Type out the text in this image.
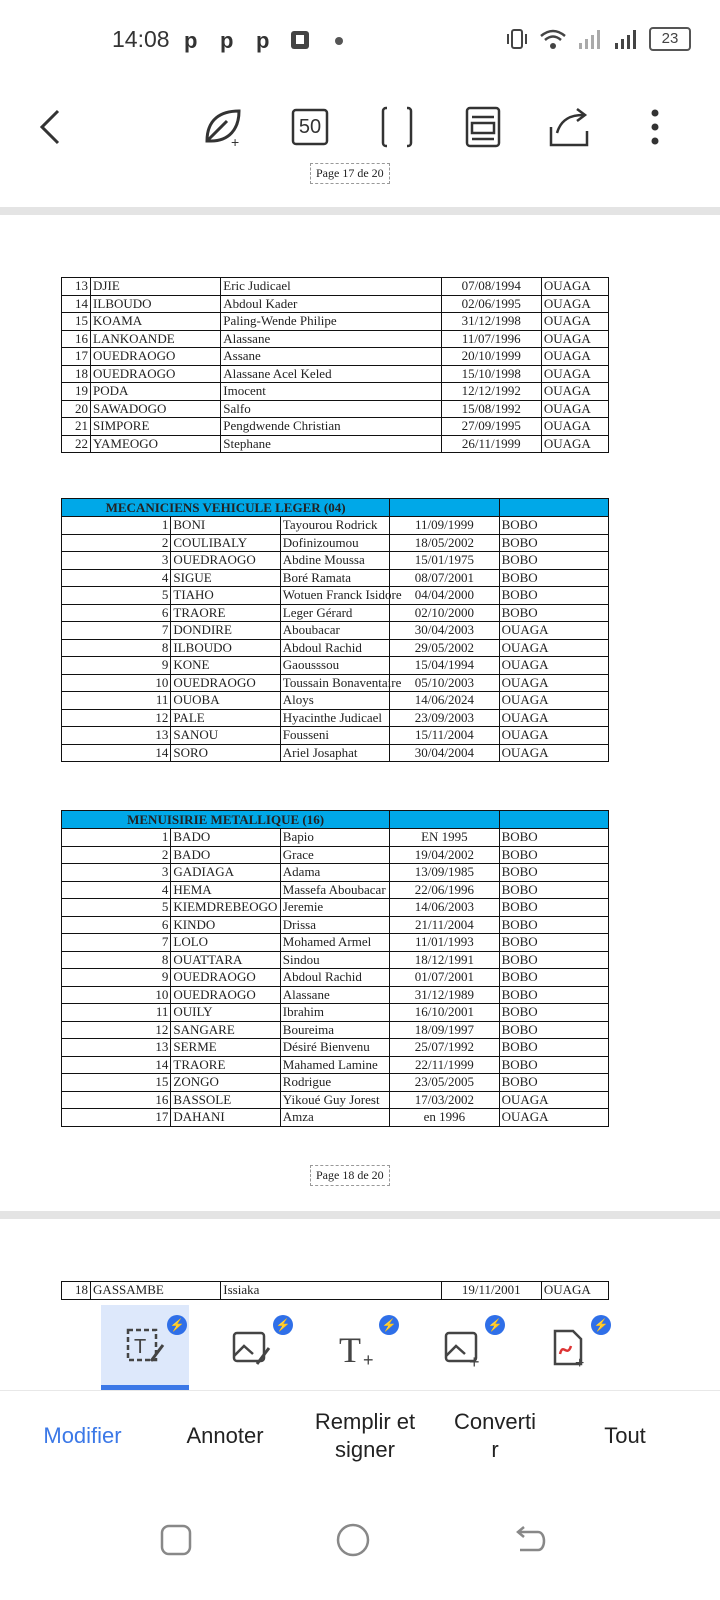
14:08 p p p	23
+
50
Page 17 de 20
13	DJIE	Eric Judicael	07/08/1994	OUAGA
14	ILBOUDO	Abdoul Kader	02/06/1995	OUAGA
15	KOAMA	Paling-Wende Philipe	31/12/1998	OUAGA
16	LANKOANDE	Alassane	11/07/1996	OUAGA
17	OUEDRAOGO	Assane	20/10/1999	OUAGA
18	OUEDRAOGO	Alassane Acel Keled	15/10/1998	OUAGA
19	PODA	Imocent	12/12/1992	OUAGA
20	SAWADOGO	Salfo	15/08/1992	OUAGA
21	SIMPORE	Pengdwende Christian	27/09/1995	OUAGA
22	YAMEOGO	Stephane	26/11/1999	OUAGA
MECANICIENS VEHICULE LEGER (04)				
1	BONI	Tayourou Rodrick	11/09/1999	BOBO
2	COULIBALY	Dofinizoumou	18/05/2002	BOBO
3	OUEDRAOGO	Abdine Moussa	15/01/1975	BOBO
4	SIGUE	Boré Ramata	08/07/2001	BOBO
5	TIAHO	Wotuen Franck Isidore	04/04/2000	BOBO
6	TRAORE	Leger Gérard	02/10/2000	BOBO
7	DONDIRE	Aboubacar	30/04/2003	OUAGA
8	ILBOUDO	Abdoul Rachid	29/05/2002	OUAGA
9	KONE	Gaousssou	15/04/1994	OUAGA
10	OUEDRAOGO	Toussain Bonaventaire	05/10/2003	OUAGA
11	OUOBA	Aloys	14/06/2024	OUAGA
12	PALE	Hyacinthe Judicael	23/09/2003	OUAGA
13	SANOU	Fousseni	15/11/2004	OUAGA
14	SORO	Ariel Josaphat	30/04/2004	OUAGA
MENUISIRIE METALLIQUE (16)				
1	BADO	Bapio	EN 1995	BOBO
2	BADO	Grace	19/04/2002	BOBO
3	GADIAGA	Adama	13/09/1985	BOBO
4	HEMA	Massefa Aboubacar	22/06/1996	BOBO
5	KIEMDREBEOGO	Jeremie	14/06/2003	BOBO
6	KINDO	Drissa	21/11/2004	BOBO
7	LOLO	Mohamed Armel	11/01/1993	BOBO
8	OUATTARA	Sindou	18/12/1991	BOBO
9	OUEDRAOGO	Abdoul Rachid	01/07/2001	BOBO
10	OUEDRAOGO	Alassane	31/12/1989	BOBO
11	OUILY	Ibrahim	16/10/2001	BOBO
12	SANGARE	Boureima	18/09/1997	BOBO
13	SERME	Désiré Bienvenu	25/07/1992	BOBO
14	TRAORE	Mahamed Lamine	22/11/1999	BOBO
15	ZONGO	Rodrigue	23/05/2005	BOBO
16	BASSOLE	Yikoué Guy Jorest	17/03/2002	OUAGA
17	DAHANI	Amza	en 1996	OUAGA
Page 18 de 20
18	GASSAMBE	Issiaka	19/11/2001	OUAGA
T
⚡	⚡
T +
⚡
+
⚡
+
⚡
Modifier	Annoter
Remplir et
signer
Converti
r
Tout
